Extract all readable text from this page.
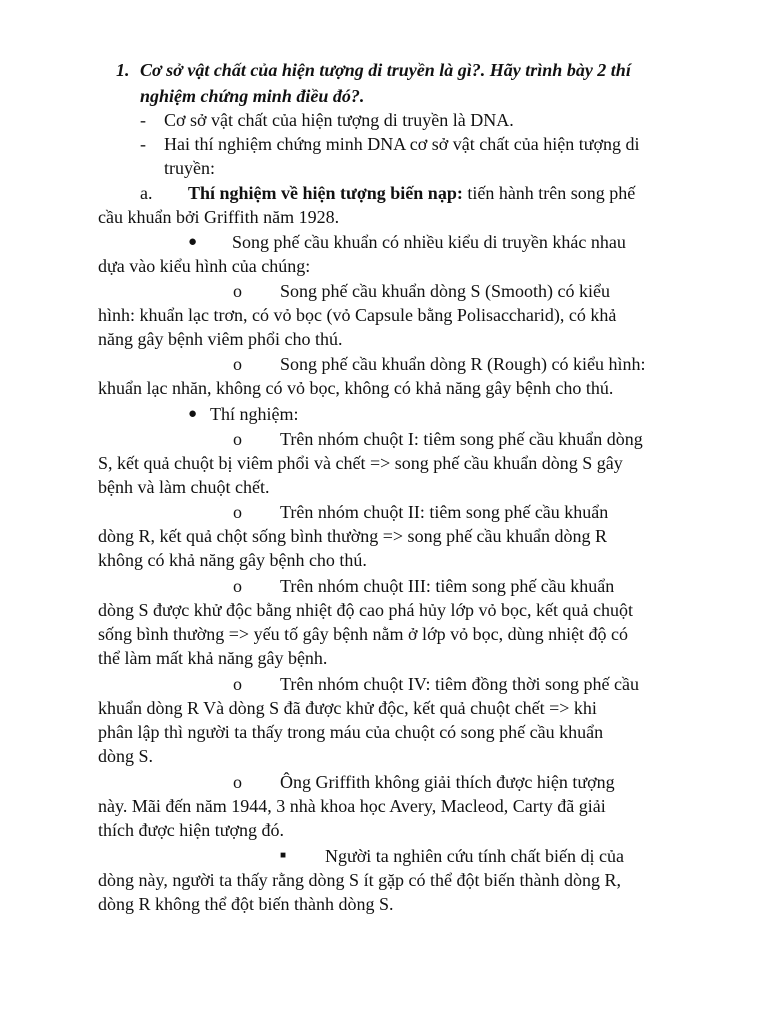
1. Cơ sở vật chất của hiện tượng di truyền là gì?. Hãy trình bày 2 thí
nghiệm chứng minh điều đó?.
- Cơ sở vật chất của hiện tượng di truyền là DNA.
- Hai thí nghiệm chứng minh DNA cơ sở vật chất của hiện tượng di
truyền:
a. Thí nghiệm về hiện tượng biến nạp: tiến hành trên song phế
cầu khuẩn bởi Griffith năm 1928.
● Song phế cầu khuẩn có nhiều kiểu di truyền khác nhau
dựa vào kiểu hình của chúng:
o Song phế cầu khuẩn dòng S (Smooth) có kiểu
hình: khuẩn lạc trơn, có vỏ bọc (vỏ Capsule bằng Polisaccharid), có khả
năng gây bệnh viêm phổi cho thú.
o Song phế cầu khuẩn dòng R (Rough) có kiểu hình:
khuẩn lạc nhăn, không có vỏ bọc, không có khả năng gây bệnh cho thú.
● Thí nghiệm:
o Trên nhóm chuột I: tiêm song phế cầu khuẩn dòng
S, kết quả chuột bị viêm phổi và chết => song phế cầu khuẩn dòng S gây
bệnh và làm chuột chết.
o Trên nhóm chuột II: tiêm song phế cầu khuẩn
dòng R, kết quả chột sống bình thường => song phế cầu khuẩn dòng R
không có khả năng gây bệnh cho thú.
o Trên nhóm chuột III: tiêm song phế cầu khuẩn
dòng S được khử độc bằng nhiệt độ cao phá hủy lớp vỏ bọc, kết quả chuột
sống bình thường => yếu tố gây bệnh nằm ở lớp vỏ bọc, dùng nhiệt độ có
thể làm mất khả năng gây bệnh.
o Trên nhóm chuột IV: tiêm đồng thời song phế cầu
khuẩn dòng R Và dòng S đã được khử độc, kết quả chuột chết => khi
phân lập thì người ta thấy trong máu của chuột có song phế cầu khuẩn
dòng S.
o Ông Griffith không giải thích được hiện tượng
này. Mãi đến năm 1944, 3 nhà khoa học Avery, Macleod, Carty đã giải
thích được hiện tượng đó.
■ Người ta nghiên cứu tính chất biến dị của
dòng này, người ta thấy rằng dòng S ít gặp có thể đột biến thành dòng R,
dòng R không thể đột biến thành dòng S.
